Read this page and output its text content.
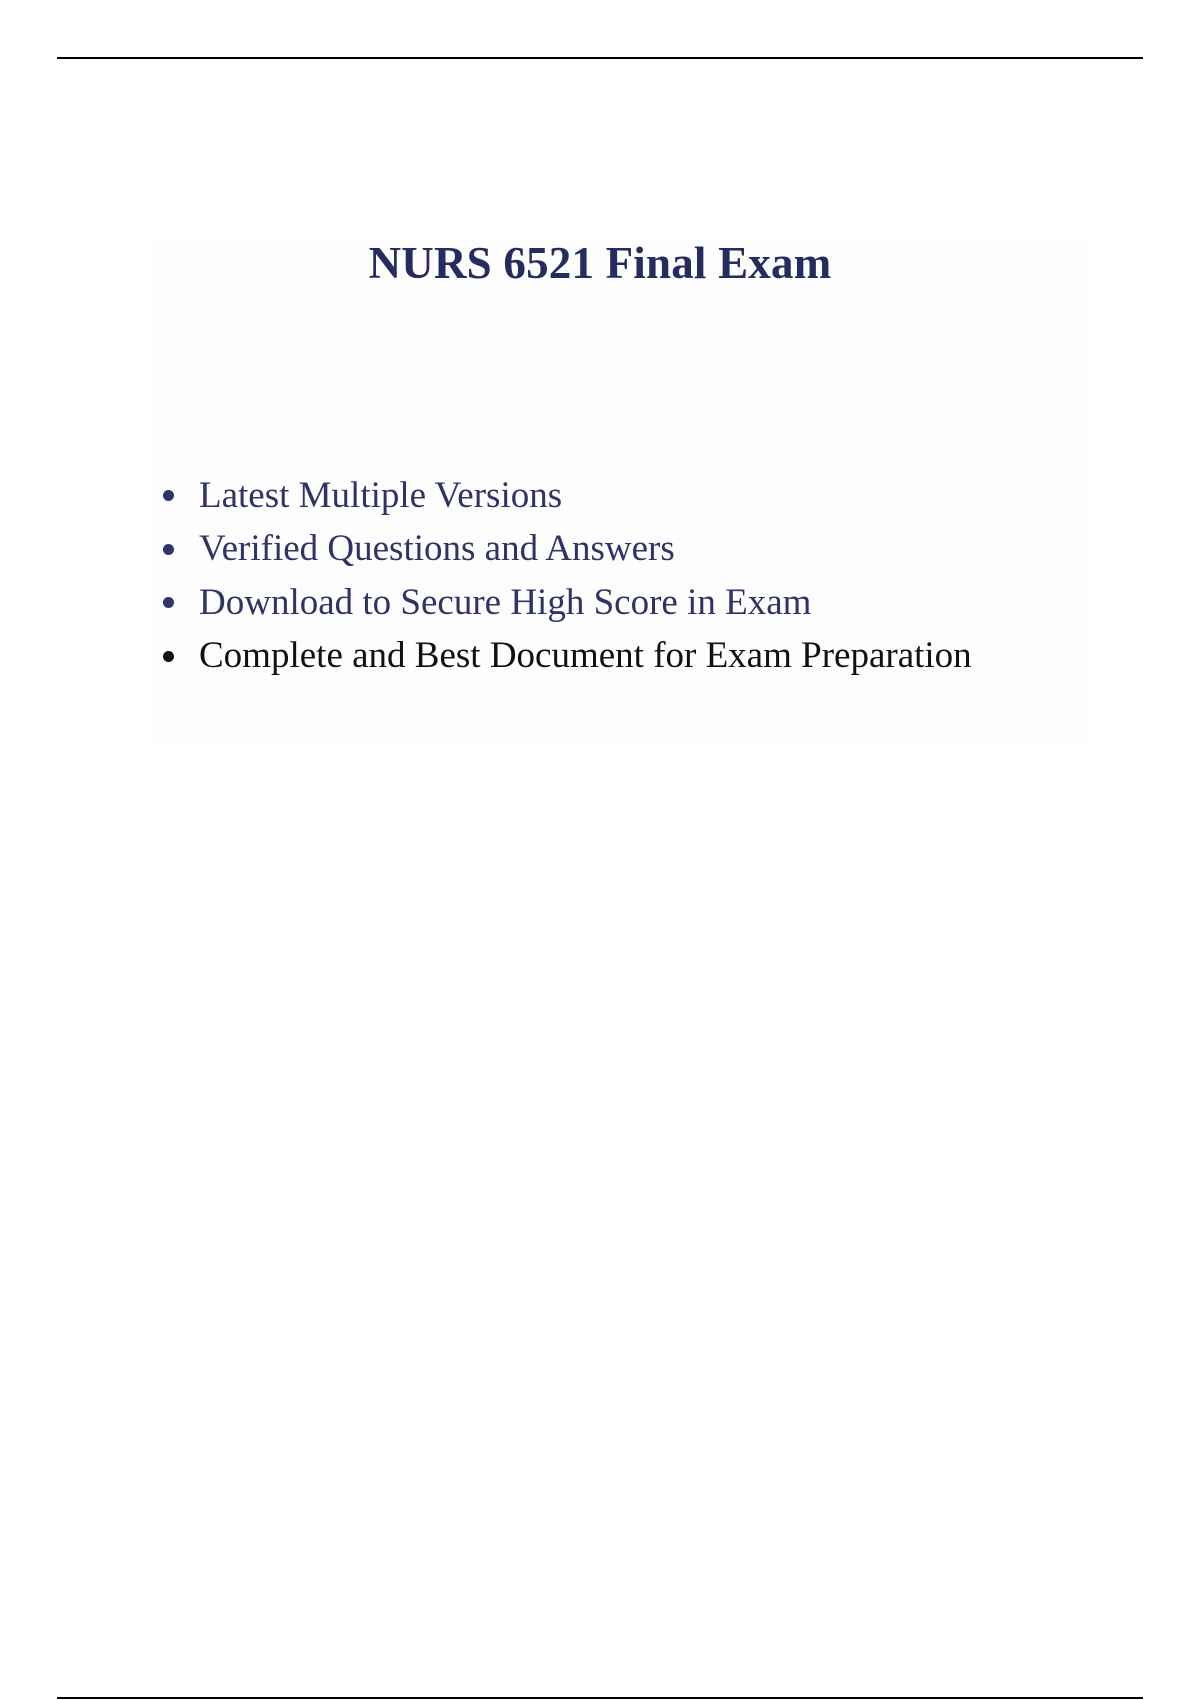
NURS 6521 Final Exam
Latest Multiple Versions
Verified Questions and Answers
Download to Secure High Score in Exam
Complete and Best Document for Exam Preparation
